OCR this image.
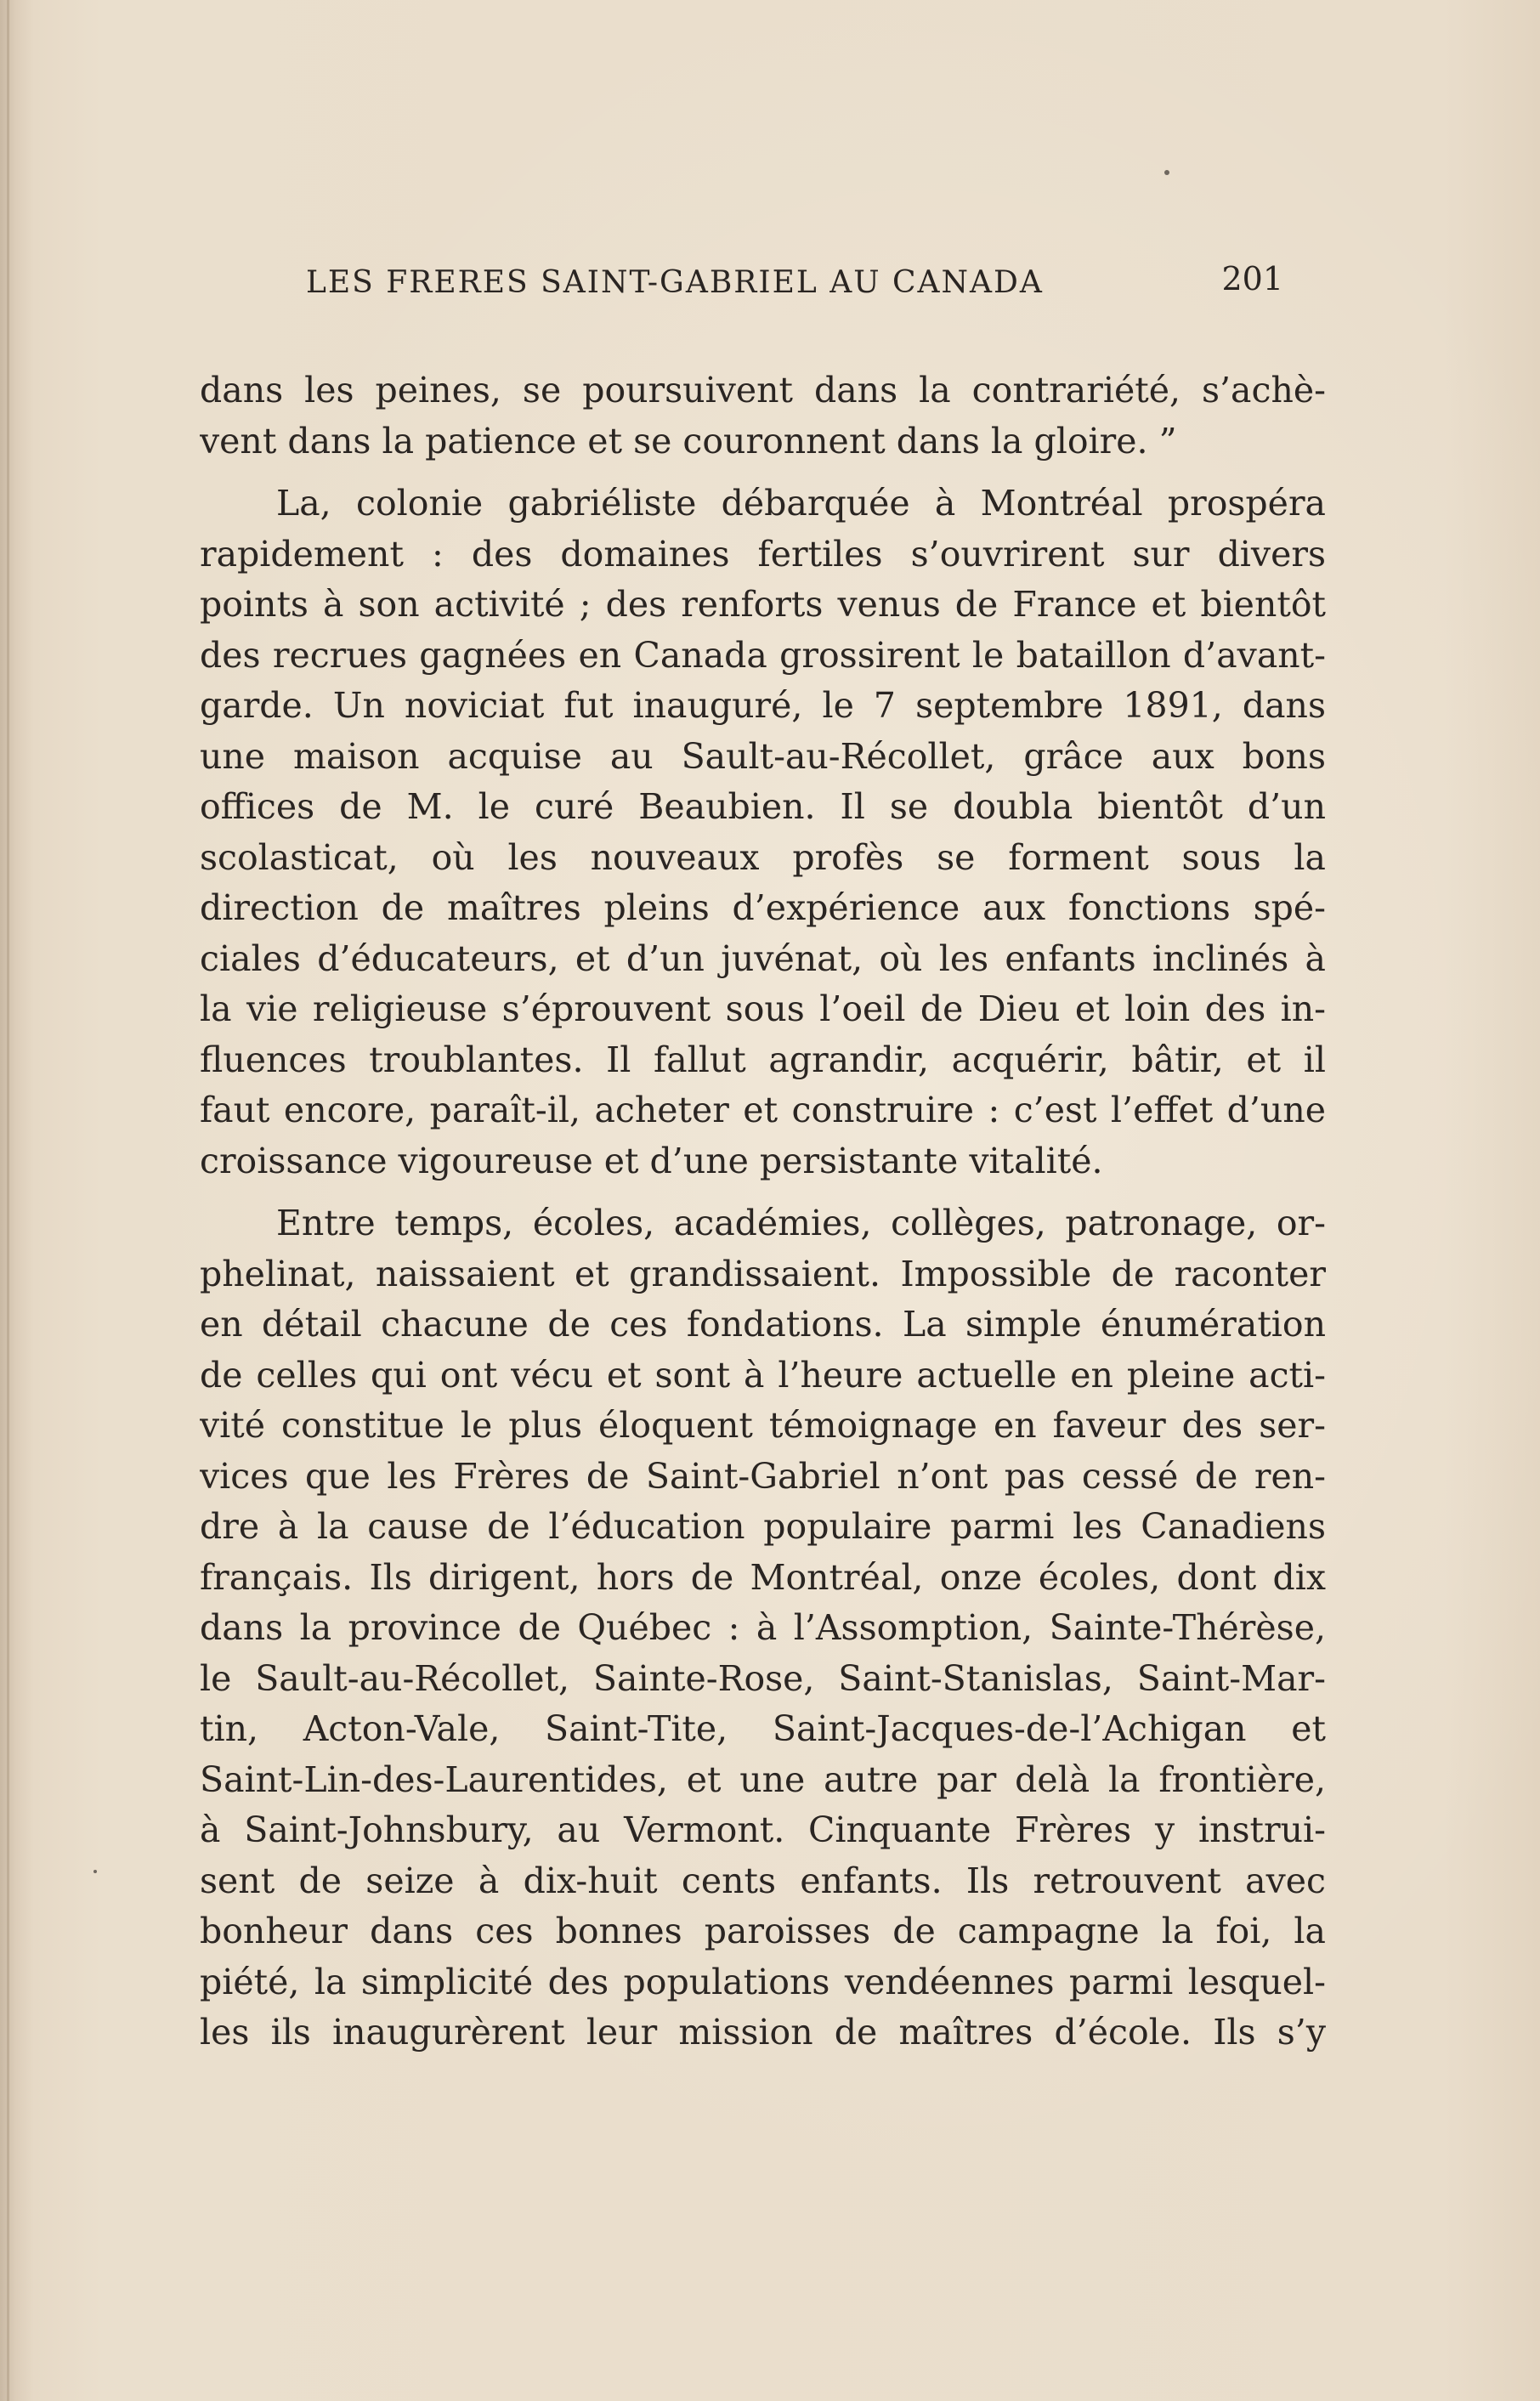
LES FRERES SAINT-GABRIEL AU CANADA	201
dans les peines, se poursuivent dans la contrariété, s’achè-
vent dans la patience et se couronnent dans la gloire. ”
La, colonie gabriéliste débarquée à Montréal prospéra
rapidement : des domaines fertiles s’ouvrirent sur divers
points à son activité ; des renforts venus de France et bientôt
des recrues gagnées en Canada grossirent le bataillon d’avant-
garde. Un noviciat fut inauguré, le 7 septembre 1891, dans
une maison acquise au Sault-au-Récollet, grâce aux bons
offices de M. le curé Beaubien. Il se doubla bientôt d’un
scolasticat, où les nouveaux profès se forment sous la
direction de maîtres pleins d’expérience aux fonctions spé-
ciales d’éducateurs, et d’un juvénat, où les enfants inclinés à
la vie religieuse s’éprouvent sous l’oeil de Dieu et loin des in-
fluences troublantes. Il fallut agrandir, acquérir, bâtir, et il
faut encore, paraît-il, acheter et construire : c’est l’effet d’une
croissance vigoureuse et d’une persistante vitalité.
Entre temps, écoles, académies, collèges, patronage, or-
phelinat, naissaient et grandissaient. Impossible de raconter
en détail chacune de ces fondations. La simple énumération
de celles qui ont vécu et sont à l’heure actuelle en pleine acti-
vité constitue le plus éloquent témoignage en faveur des ser-
vices que les Frères de Saint-Gabriel n’ont pas cessé de ren-
dre à la cause de l’éducation populaire parmi les Canadiens
français. Ils dirigent, hors de Montréal, onze écoles, dont dix
dans la province de Québec : à l’Assomption, Sainte-Thérèse,
le Sault-au-Récollet, Sainte-Rose, Saint-Stanislas, Saint-Mar-
tin, Acton-Vale, Saint-Tite, Saint-Jacques-de-l’Achigan et
Saint-Lin-des-Laurentides, et une autre par delà la frontière,
à Saint-Johnsbury, au Vermont. Cinquante Frères y instrui-
sent de seize à dix-huit cents enfants. Ils retrouvent avec
bonheur dans ces bonnes paroisses de campagne la foi, la
piété, la simplicité des populations vendéennes parmi lesquel-
les ils inaugurèrent leur mission de maîtres d’école. Ils s’y
